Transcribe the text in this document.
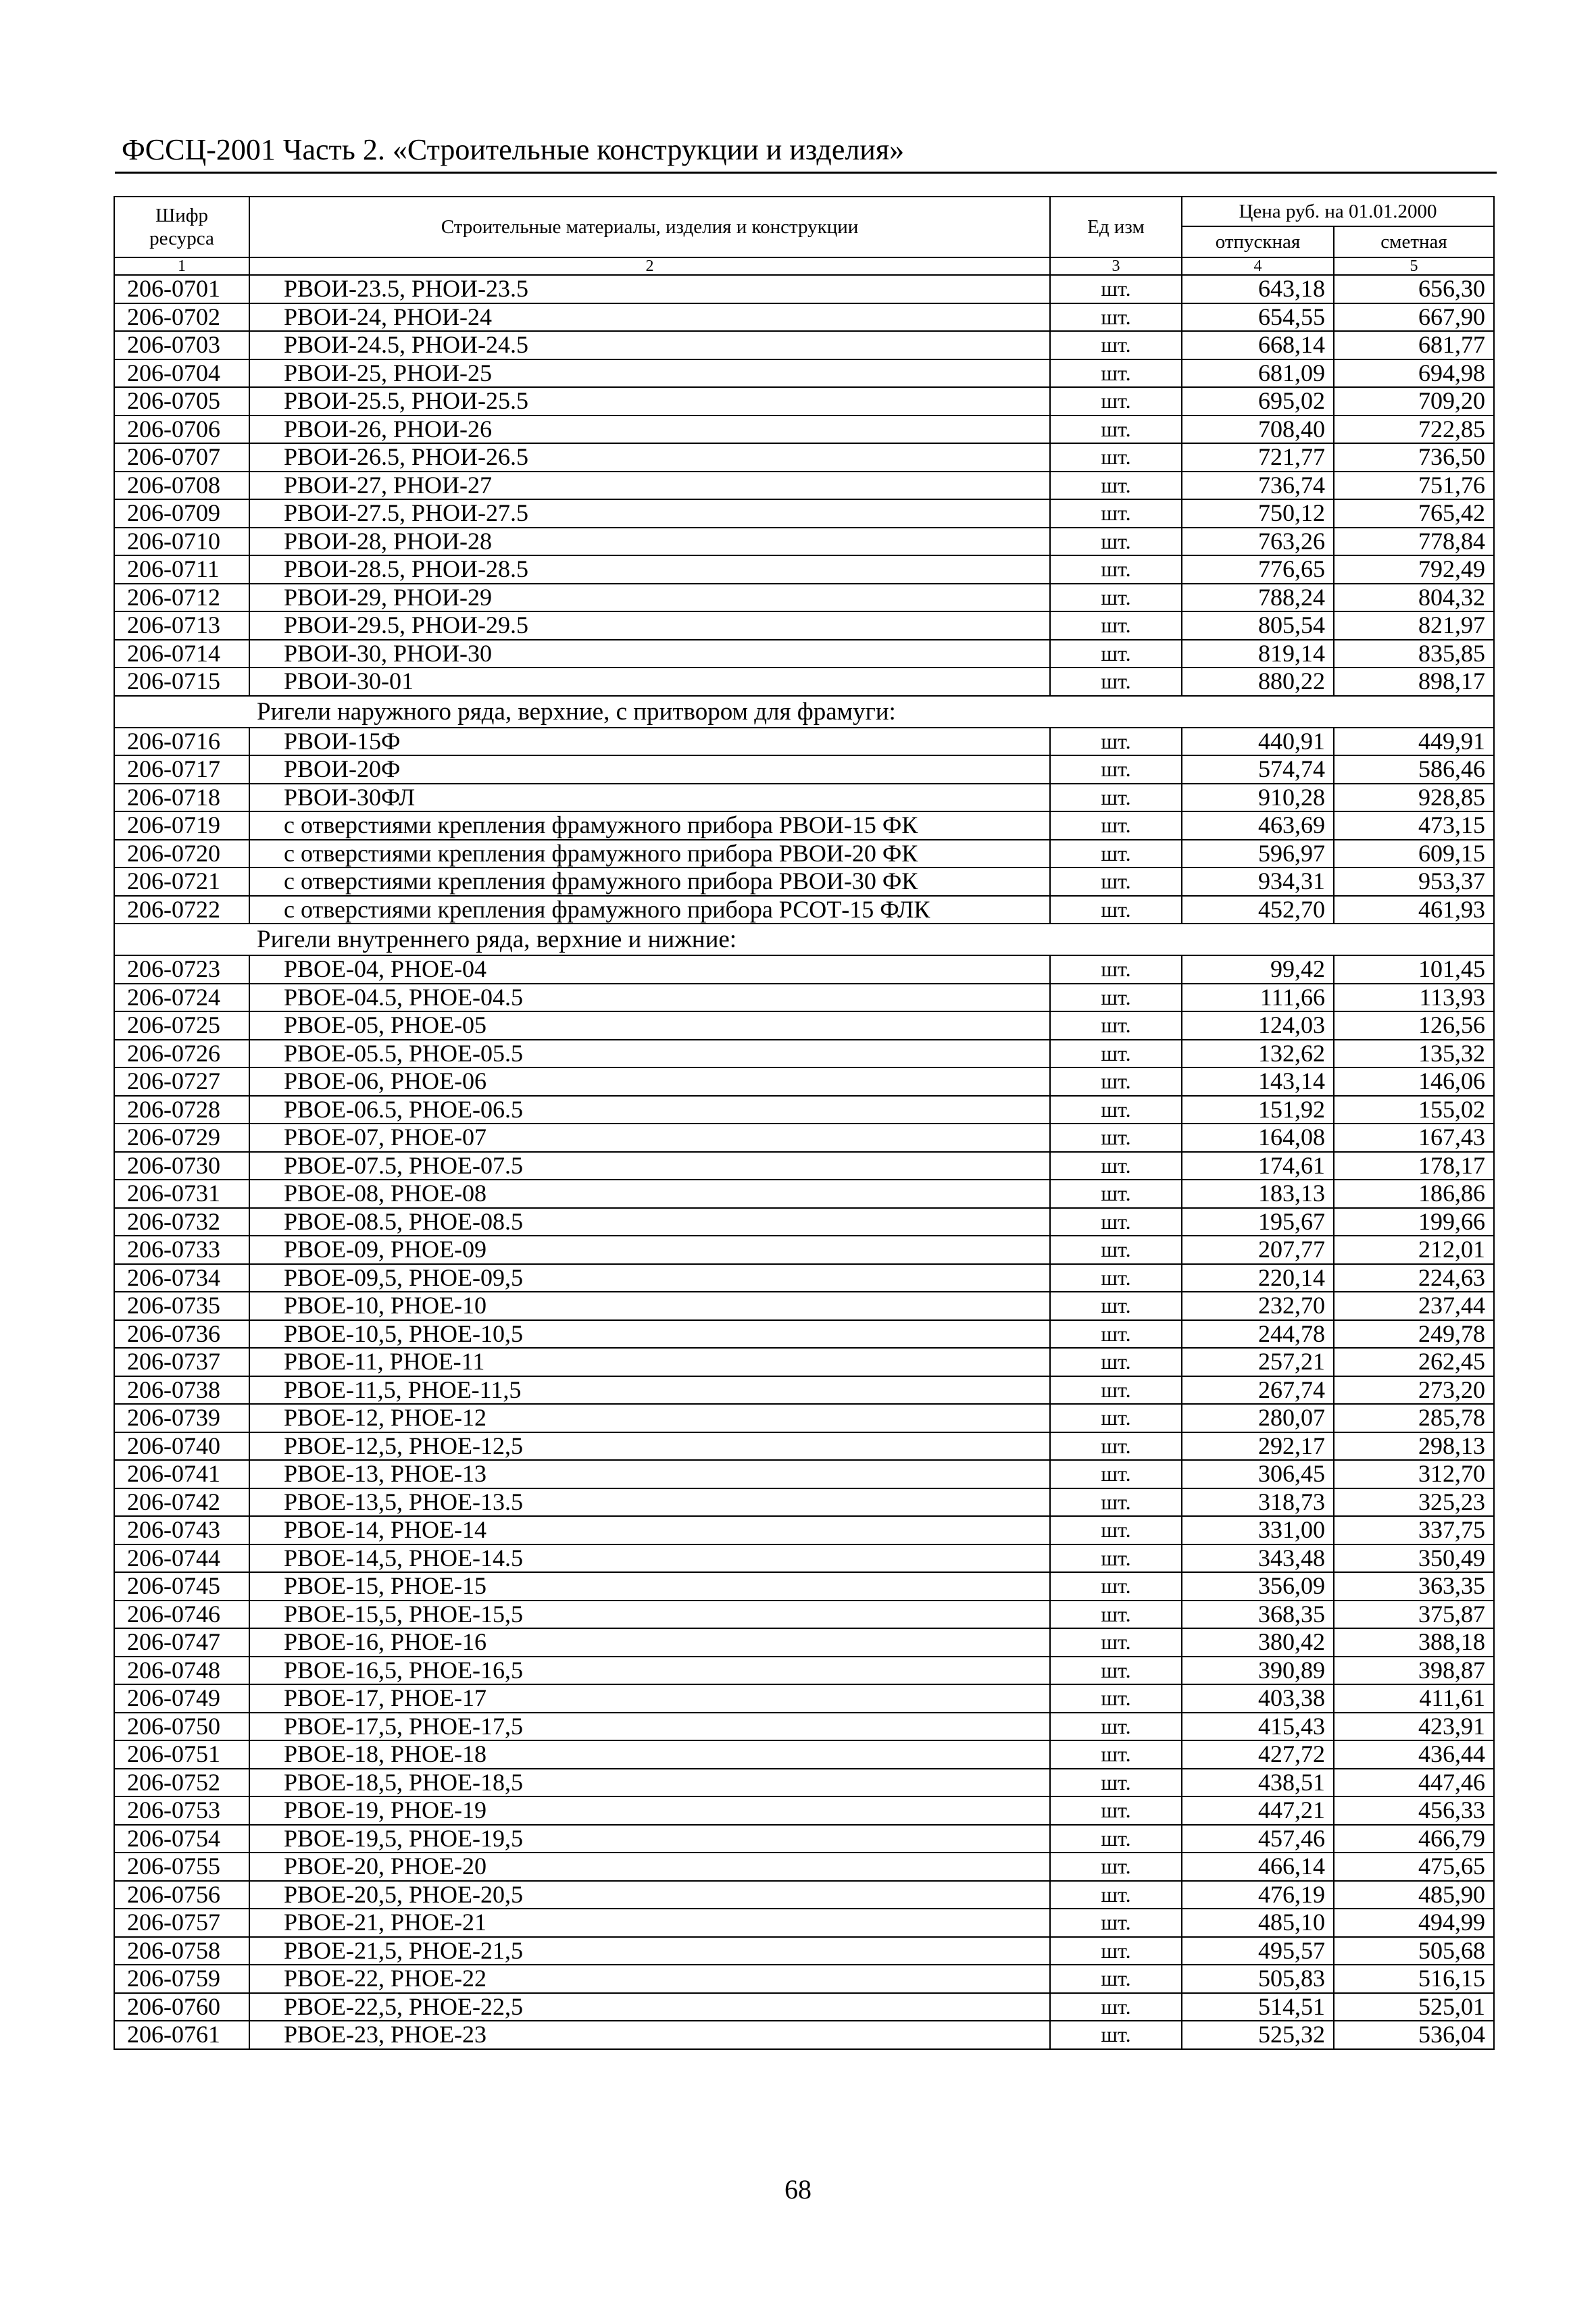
ФССЦ-2001 Часть 2. «Строительные конструкции и изделия»
Шифр ресурса	Строительные материалы, изделия и конструкции	Ед изм	Цена руб. на 01.01.2000	
			отпускная	сметная
1	2	3	4	5
206-0701	РВОИ-23.5, РНОИ-23.5	шт.	643,18	656,30
206-0702	РВОИ-24, РНОИ-24	шт.	654,55	667,90
206-0703	РВОИ-24.5, РНОИ-24.5	шт.	668,14	681,77
206-0704	РВОИ-25, РНОИ-25	шт.	681,09	694,98
206-0705	РВОИ-25.5, РНОИ-25.5	шт.	695,02	709,20
206-0706	РВОИ-26, РНОИ-26	шт.	708,40	722,85
206-0707	РВОИ-26.5, РНОИ-26.5	шт.	721,77	736,50
206-0708	РВОИ-27, РНОИ-27	шт.	736,74	751,76
206-0709	РВОИ-27.5, РНОИ-27.5	шт.	750,12	765,42
206-0710	РВОИ-28, РНОИ-28	шт.	763,26	778,84
206-0711	РВОИ-28.5, РНОИ-28.5	шт.	776,65	792,49
206-0712	РВОИ-29, РНОИ-29	шт.	788,24	804,32
206-0713	РВОИ-29.5, РНОИ-29.5	шт.	805,54	821,97
206-0714	РВОИ-30, РНОИ-30	шт.	819,14	835,85
206-0715	РВОИ-30-01	шт.	880,22	898,17
Ригели наружного ряда, верхние, с притвором для фрамуги:				
206-0716	РВОИ-15Ф	шт.	440,91	449,91
206-0717	РВОИ-20Ф	шт.	574,74	586,46
206-0718	РВОИ-30ФЛ	шт.	910,28	928,85
206-0719	с отверстиями крепления фрамужного прибора РВОИ-15 ФК	шт.	463,69	473,15
206-0720	с отверстиями крепления фрамужного прибора РВОИ-20 ФК	шт.	596,97	609,15
206-0721	с отверстиями крепления фрамужного прибора РВОИ-30 ФК	шт.	934,31	953,37
206-0722	с отверстиями крепления фрамужного прибора РСОТ-15 ФЛК	шт.	452,70	461,93
Ригели внутреннего ряда, верхние и нижние:				
206-0723	РВОЕ-04, РНОЕ-04	шт.	99,42	101,45
206-0724	РВОЕ-04.5, РНОЕ-04.5	шт.	111,66	113,93
206-0725	РВОЕ-05, РНОЕ-05	шт.	124,03	126,56
206-0726	РВОЕ-05.5, РНОЕ-05.5	шт.	132,62	135,32
206-0727	РВОЕ-06, РНОЕ-06	шт.	143,14	146,06
206-0728	РВОЕ-06.5, РНОЕ-06.5	шт.	151,92	155,02
206-0729	РВОЕ-07, РНОЕ-07	шт.	164,08	167,43
206-0730	РВОЕ-07.5, РНОЕ-07.5	шт.	174,61	178,17
206-0731	РВОЕ-08, РНОЕ-08	шт.	183,13	186,86
206-0732	РВОЕ-08.5, РНОЕ-08.5	шт.	195,67	199,66
206-0733	РВОЕ-09, РНОЕ-09	шт.	207,77	212,01
206-0734	РВОЕ-09,5, РНОЕ-09,5	шт.	220,14	224,63
206-0735	РВОЕ-10, РНОЕ-10	шт.	232,70	237,44
206-0736	РВОЕ-10,5, РНОЕ-10,5	шт.	244,78	249,78
206-0737	РВОЕ-11, РНОЕ-11	шт.	257,21	262,45
206-0738	РВОЕ-11,5, РНОЕ-11,5	шт.	267,74	273,20
206-0739	РВОЕ-12, РНОЕ-12	шт.	280,07	285,78
206-0740	РВОЕ-12,5, РНОЕ-12,5	шт.	292,17	298,13
206-0741	РВОЕ-13, РНОЕ-13	шт.	306,45	312,70
206-0742	РВОЕ-13,5, РНОЕ-13.5	шт.	318,73	325,23
206-0743	РВОЕ-14, РНОЕ-14	шт.	331,00	337,75
206-0744	РВОЕ-14,5, РНОЕ-14.5	шт.	343,48	350,49
206-0745	РВОЕ-15, РНОЕ-15	шт.	356,09	363,35
206-0746	РВОЕ-15,5, РНОЕ-15,5	шт.	368,35	375,87
206-0747	РВОЕ-16, РНОЕ-16	шт.	380,42	388,18
206-0748	РВОЕ-16,5, РНОЕ-16,5	шт.	390,89	398,87
206-0749	РВОЕ-17, РНОЕ-17	шт.	403,38	411,61
206-0750	РВОЕ-17,5, РНОЕ-17,5	шт.	415,43	423,91
206-0751	РВОЕ-18, РНОЕ-18	шт.	427,72	436,44
206-0752	РВОЕ-18,5, РНОЕ-18,5	шт.	438,51	447,46
206-0753	РВОЕ-19, РНОЕ-19	шт.	447,21	456,33
206-0754	РВОЕ-19,5, РНОЕ-19,5	шт.	457,46	466,79
206-0755	РВОЕ-20, РНОЕ-20	шт.	466,14	475,65
206-0756	РВОЕ-20,5, РНОЕ-20,5	шт.	476,19	485,90
206-0757	РВОЕ-21, РНОЕ-21	шт.	485,10	494,99
206-0758	РВОЕ-21,5, РНОЕ-21,5	шт.	495,57	505,68
206-0759	РВОЕ-22, РНОЕ-22	шт.	505,83	516,15
206-0760	РВОЕ-22,5, РНОЕ-22,5	шт.	514,51	525,01
206-0761	РВОЕ-23, РНОЕ-23	шт.	525,32	536,04
68
